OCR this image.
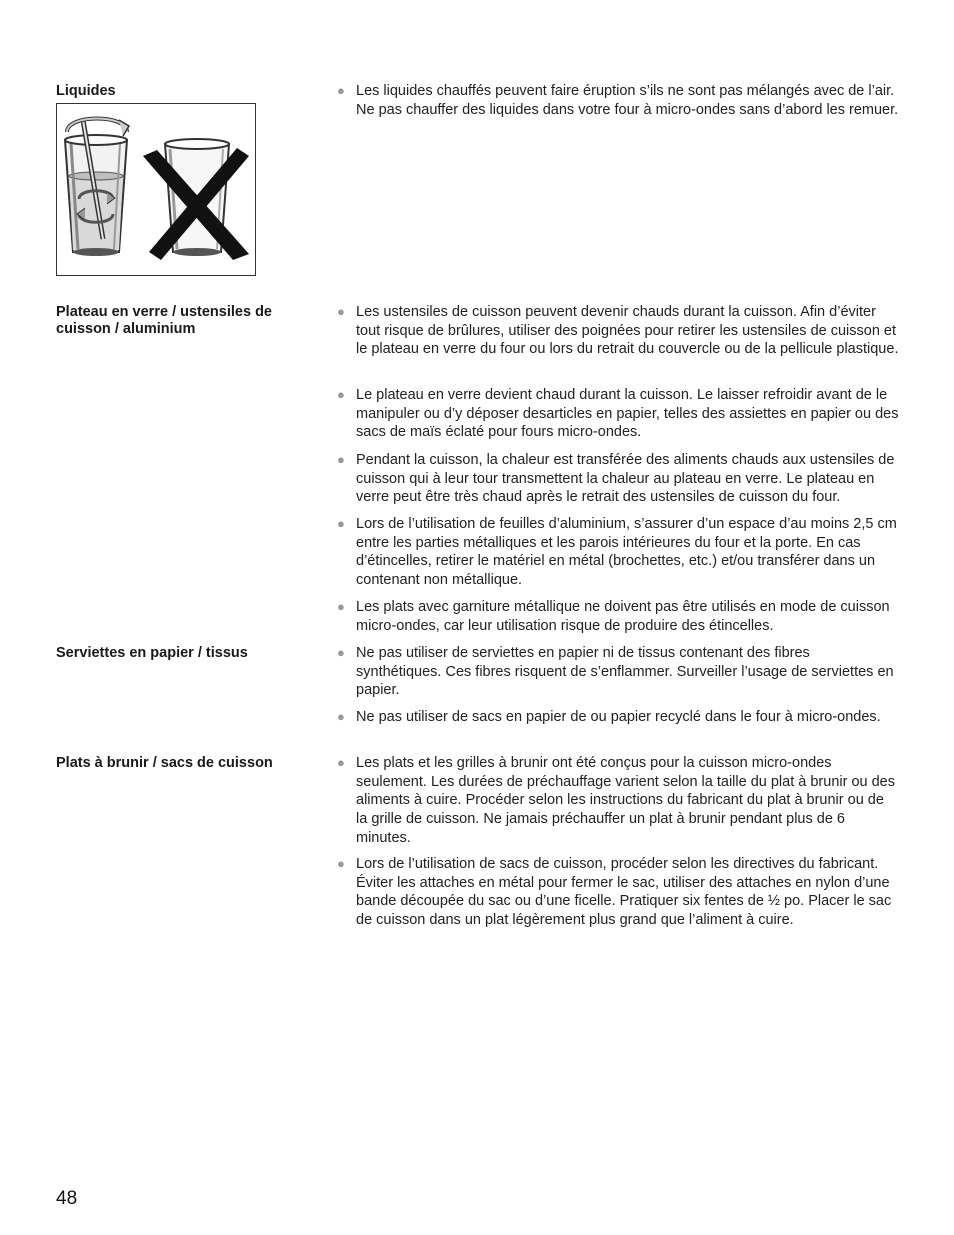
Liquides
Plateau en verre / ustensiles de cuisson / aluminium
Serviettes en papier / tissus
Plats à brunir / sacs de cuisson
● Les liquides chauffés peuvent faire éruption s’ils ne sont pas mélangés avec de l’air. Ne pas chauffer des liquides dans votre four à micro-ondes sans d’abord les remuer.
● Les ustensiles de cuisson peuvent devenir chauds durant la cuisson. Afin d’éviter tout risque de brûlures, utiliser des poignées pour retirer les ustensiles de cuisson et le plateau en verre du four ou lors du retrait du couvercle ou de la pellicule plastique.
● Le plateau en verre devient chaud durant la cuisson. Le laisser refroidir avant de le manipuler ou d’y déposer desarticles en papier, telles des assiettes en papier ou des sacs de maïs éclaté pour fours micro-ondes.
● Pendant la cuisson, la chaleur est transférée des aliments chauds aux ustensiles de cuisson qui à leur tour transmettent la chaleur au plateau en verre. Le plateau en verre peut être très chaud après le retrait des ustensiles de cuisson du four.
● Lors de l’utilisation de feuilles d’aluminium, s’assurer d’un espace d’au moins 2,5 cm entre les parties métalliques et les parois intérieures du four et la porte. En cas d’étincelles, retirer le matériel en métal (brochettes, etc.) et/ou transférer dans un contenant non métallique.
● Les plats avec garniture métallique ne doivent pas être utilisés en mode de cuisson micro-ondes, car leur utilisation risque de produire des étincelles.
● Ne pas utiliser de serviettes en papier ni de tissus contenant des fibres synthétiques. Ces fibres risquent de s’enflammer. Surveiller l’usage de serviettes en papier.
● Ne pas utiliser de sacs en papier de ou papier recyclé dans le four à micro-ondes.
● Les plats et les grilles à brunir ont été conçus pour la cuisson micro-ondes seulement. Les durées de préchauffage varient selon la taille du plat à brunir ou des aliments à cuire. Procéder selon les instructions du fabricant du plat à brunir ou de la grille de cuisson. Ne jamais préchauffer un plat à brunir pendant plus de 6 minutes.
● Lors de l’utilisation de sacs de cuisson, procéder selon les directives du fabricant. Éviter les attaches en métal pour fermer le sac, utiliser des attaches en nylon d’une bande découpée du sac ou d’une ficelle. Pratiquer six fentes de ½ po. Placer le sac de cuisson dans un plat légèrement plus grand que l’aliment à cuire.
48
